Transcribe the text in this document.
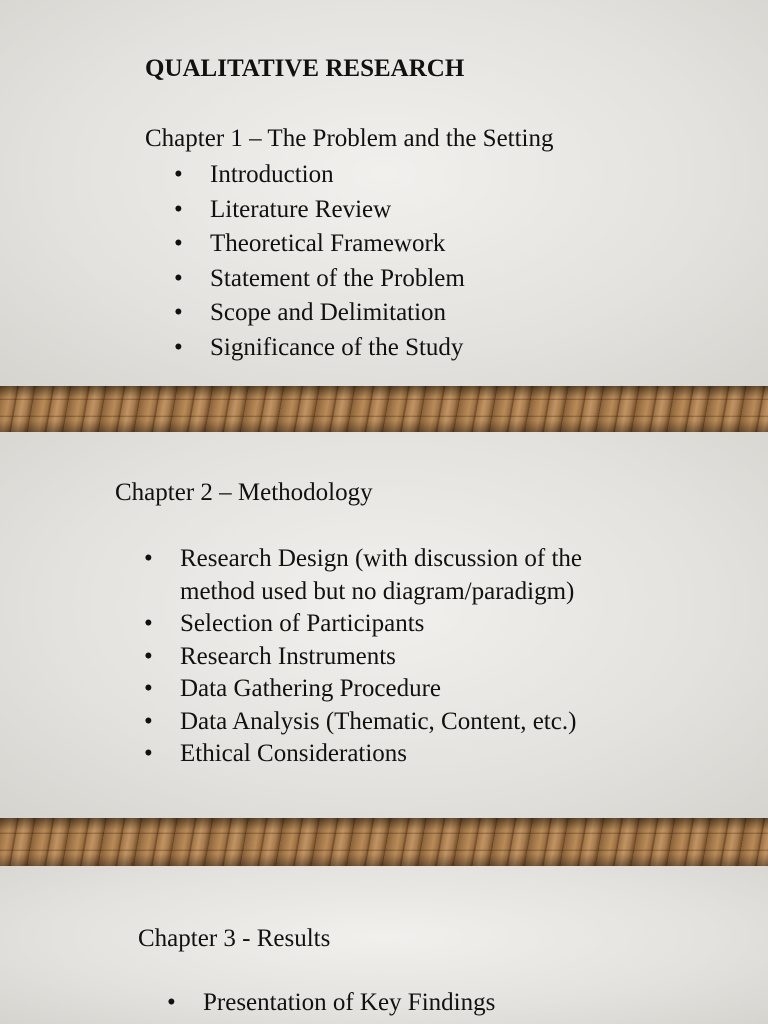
QUALITATIVE RESEARCH
Chapter 1 – The Problem and the Setting
• Introduction
• Literature Review
• Theoretical Framework
• Statement of the Problem
• Scope and Delimitation
• Significance of the Study
Chapter 2 – Methodology
• Research Design (with discussion of the method used but no diagram/paradigm)
• Selection of Participants
• Research Instruments
• Data Gathering Procedure
• Data Analysis (Thematic, Content, etc.)
• Ethical Considerations
Chapter 3 - Results
• Presentation of Key Findings
